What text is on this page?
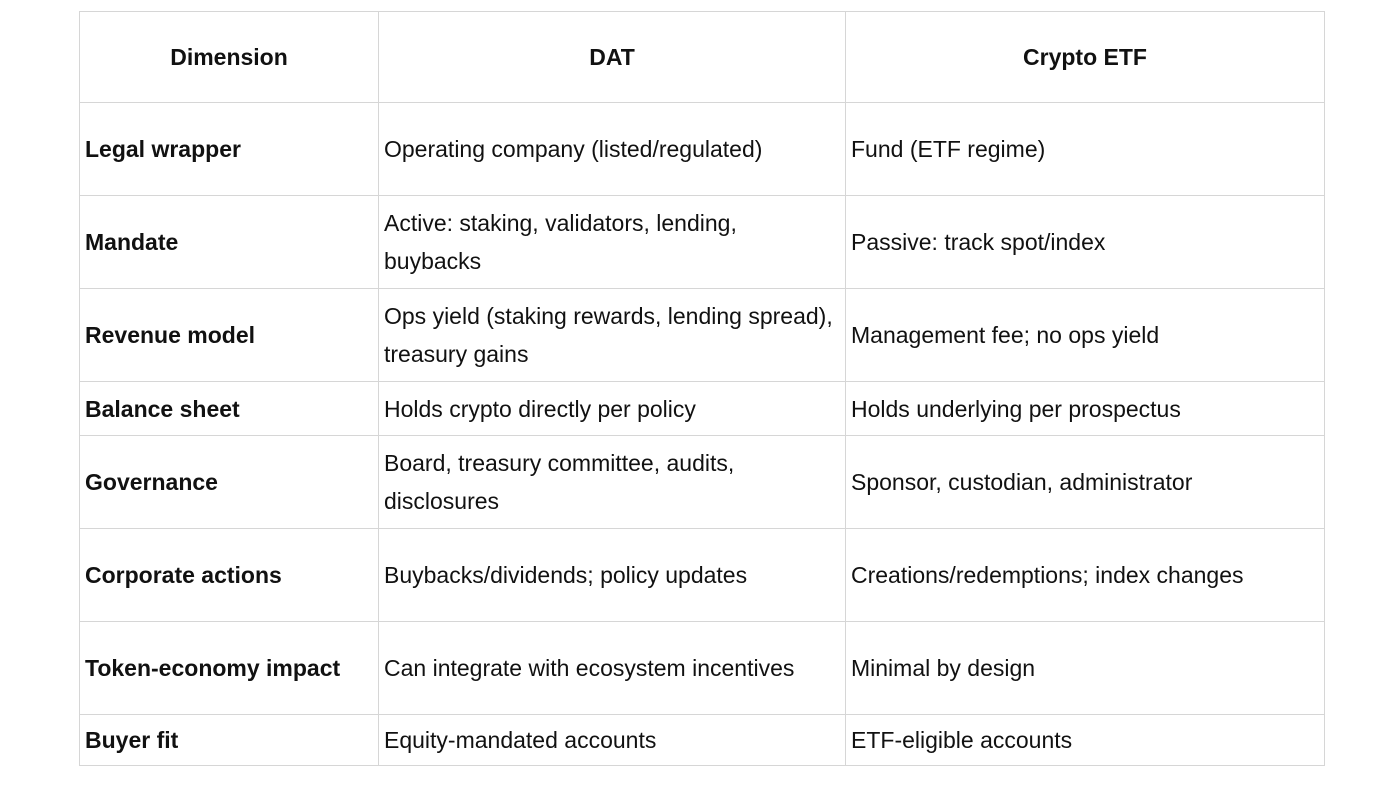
Dimension	DAT	Crypto ETF
Legal wrapper	Operating company (listed/regulated)	Fund (ETF regime)
Mandate	Active: staking, validators, lending, buybacks	Passive: track spot/index
Revenue model	Ops yield (staking rewards, lending spread), treasury gains	Management fee; no ops yield
Balance sheet	Holds crypto directly per policy	Holds underlying per prospectus
Governance	Board, treasury committee, audits, disclosures	Sponsor, custodian, administrator
Corporate actions	Buybacks/dividends; policy updates	Creations/redemptions; index changes
Token-economy impact	Can integrate with ecosystem incentives	Minimal by design
Buyer fit	Equity-mandated accounts	ETF-eligible accounts
